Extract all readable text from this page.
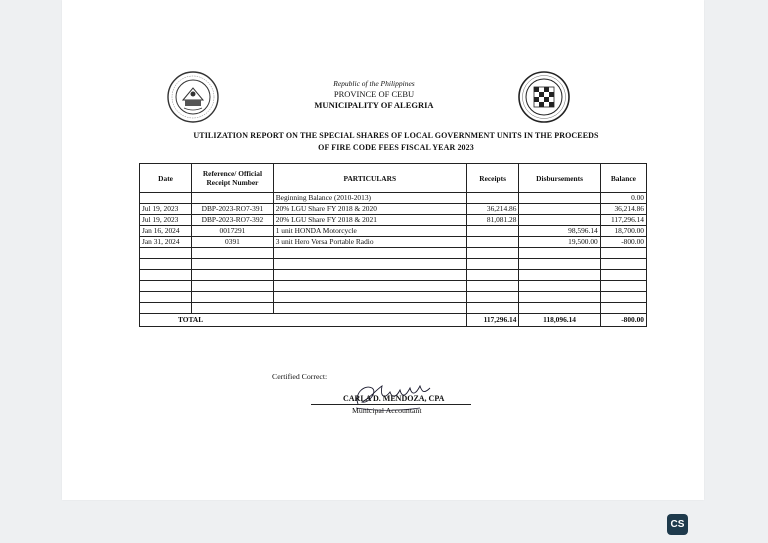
Republic of the Philippines
PROVINCE OF CEBU
MUNICIPALITY OF ALEGRIA
UTILIZATION REPORT ON THE SPECIAL SHARES OF LOCAL GOVERNMENT UNITS IN THE PROCEEDS
OF FIRE CODE FEES FISCAL YEAR 2023
Date	Reference/ Official Receipt Number	PARTICULARS	Receipts	Disbursements	Balance
		Beginning Balance (2010-2013)			0.00
Jul 19, 2023	DBP-2023-RO7-391	20% LGU Share FY 2018 & 2020	36,214.86		36,214.86
Jul 19, 2023	DBP-2023-RO7-392	20% LGU Share FY 2018 & 2021	81,081.28		117,296.14
Jan 16, 2024	0017291	1 unit HONDA Motorcycle		98,596.14	18,700.00
Jan 31, 2024	0391	3 unit Hero Versa Portable Radio		19,500.00	-800.00

TOTAL			117,296.14	118,096.14	-800.00
Certified Correct:
CARLA D. MENDOZA, CPA
Municipal Accountant
CS
